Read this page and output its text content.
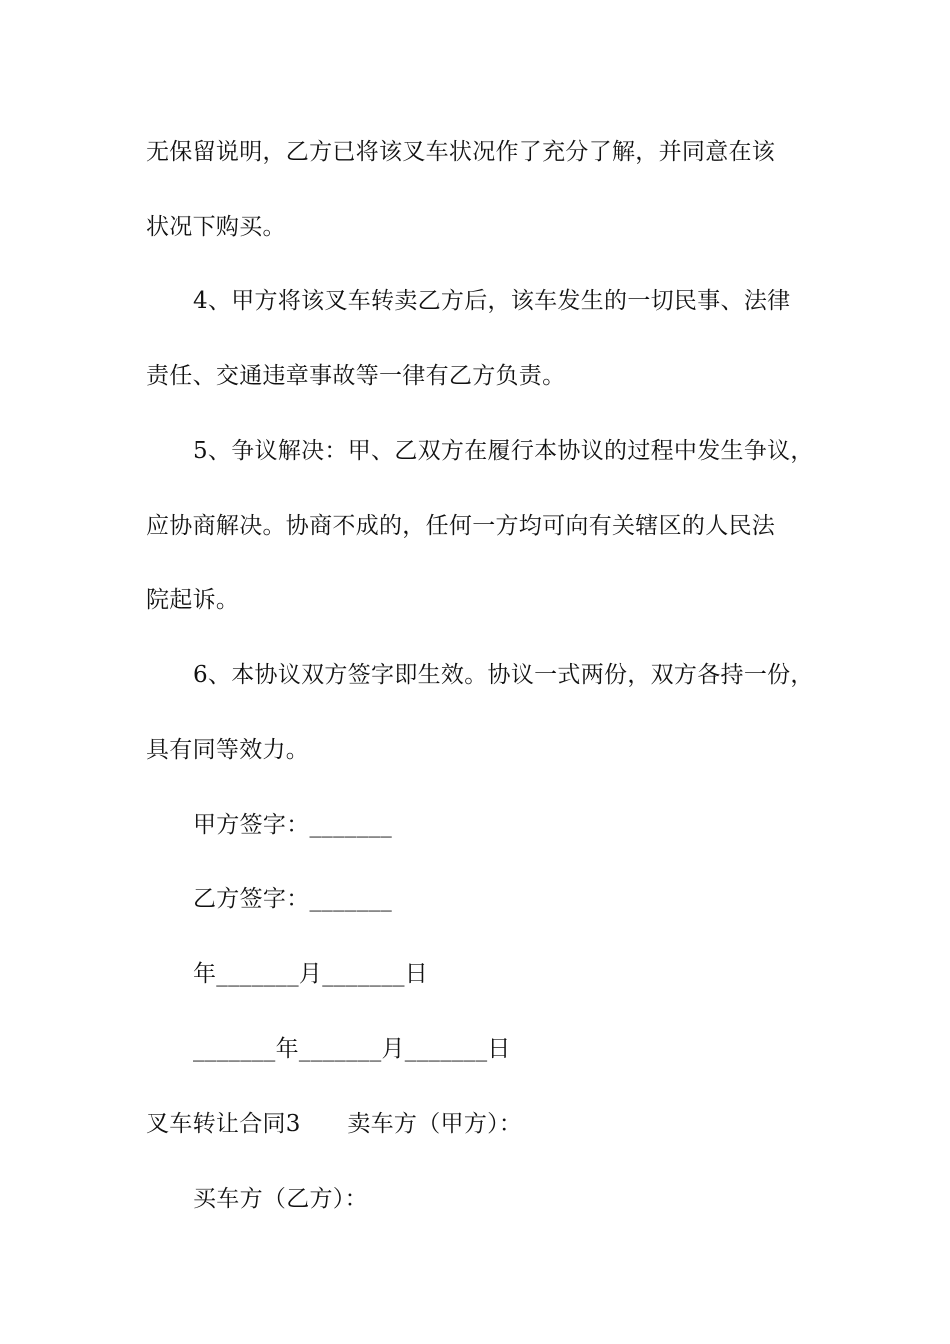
无保留说明，乙方已将该叉车状况作了充分了解，并同意在该
状况下购买。
4、甲方将该叉车转卖乙方后，该车发生的一切民事、法律
责任、交通违章事故等一律有乙方负责。
5、争议解决：甲、乙双方在履行本协议的过程中发生争议，
应协商解决。协商不成的，任何一方均可向有关辖区的人民法
院起诉。
6、本协议双方签字即生效。协议一式两份，双方各持一份，
具有同等效力。
甲方签字：_______
乙方签字：_______
年_______月_______日
_______年_______月_______日
叉车转让合同3　　卖车方（甲方）：
买车方（乙方）：
